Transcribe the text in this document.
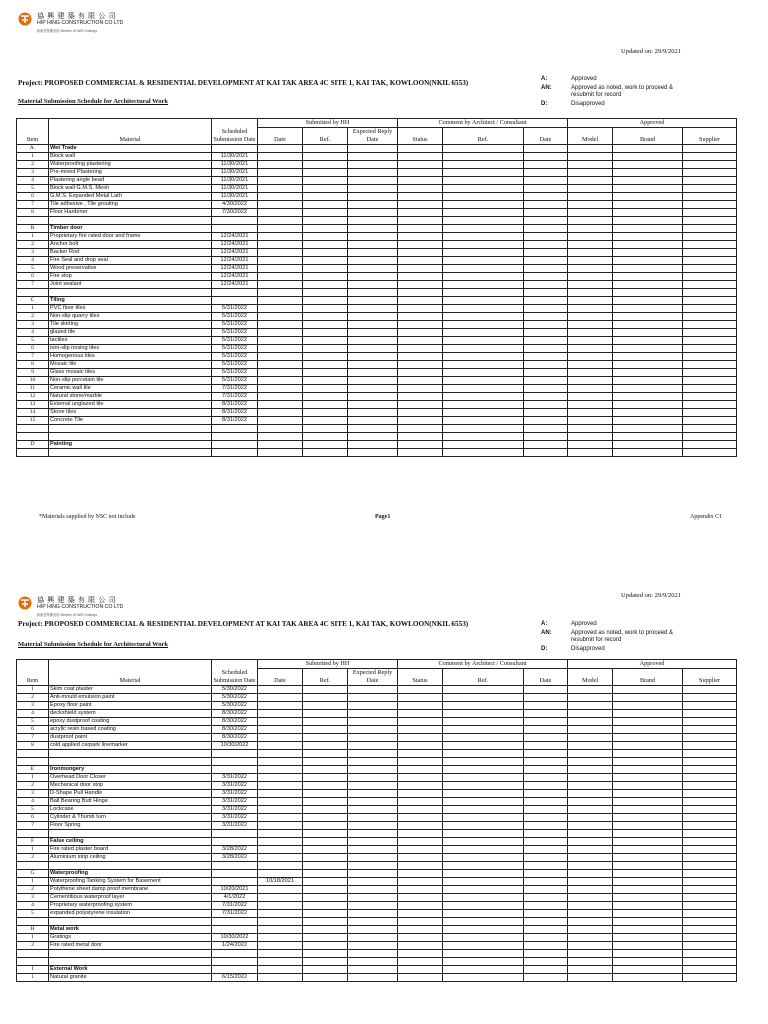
協 興 建 築 有 限 公 司
HIP HING CONSTRUCTION CO LTD
新創建集團成員 Member of NWS Holdings
Updated on: 29/9/2021
Project: PROPOSED COMMERCIAL & RESIDENTIAL DEVELOPMENT AT KAI TAK AREA 4C SITE 1, KAI TAK, KOWLOON(NKIL 6553)
Material Submission Schedule for Architectural Work
A:	Approved
AN:	Approved as noted, work to proceed & resubmit for record
D:	Disapproved
Item	Material	Scheduled Submission Date	Submitted by HH			Comment by Architect / Consultant			Approved		
			Date	Ref.	Expected Reply Date	Status	Ref.	Date	Model	Brand	Supplier

A.	Wet Trade										
1	Block wall	11/30/2021									
2	Waterproofing plastering	11/30/2021									
3	Pre-mixed Plastering	11/30/2021									
4	Plastering angle bead	11/30/2021									
5	Block wall G.M.S. Mesh	11/30/2021									
6	G.M.S. Expanded Metal Lath	11/30/2021									
7	Tile adhesive , Tile grouting	4/30/2022									
8	Floor Hardener	7/30/2022									

B	Timber door										
1	Proprietary fire rated door and frame	12/24/2021									
2	Anchor bolt	12/24/2021									
3	Backer Rod	12/24/2021									
4	Fire Seal and drop seal	12/24/2021									
5	Wood preservative	12/24/2021									
6	Fire stop	12/24/2021									
7	Joint sealant	12/24/2021									

C	Tiling										
1	PVC floor tiles	5/31/2022									
2	Non-slip quarry tiles	5/31/2022									
3	Tile skirting	5/31/2022									
4	glazed tile	5/31/2022									
5	tactiles	5/31/2022									
6	non-slip nosing tiles	5/31/2022									
7	Homogenous tiles	5/31/2022									
8	Mosaic tile	5/31/2022									
9	Glass mosaic tiles	5/31/2022									
10	Non-slip porcelain tile	5/31/2022									
11	Ceramic wall tile	7/31/2022									
12	Natural stone/marble	7/31/2022									
13	External unglazed tile	8/31/2022									
14	Stone tiles	8/31/2022									
15	Concrete Tile	8/31/2022									

D	Painting										

*Materials supplied by NSC not include	Page1	Appendix C1
協 興 建 築 有 限 公 司
HIP HING CONSTRUCTION CO LTD
新創建集團成員 Member of NWS Holdings
Updated on: 29/9/2021
Project: PROPOSED COMMERCIAL & RESIDENTIAL DEVELOPMENT AT KAI TAK AREA 4C SITE 1, KAI TAK, KOWLOON(NKIL 6553)
Material Submission Schedule for Architectural Work
A:	Approved
AN:	Approved as noted, work to proceed & resubmit for record
D:	Disapproved
Item	Material	Scheduled Submission Date	Submitted by HH			Comment by Architect / Consultant			Approved		
			Date	Ref.	Expected Reply Date	Status	Ref.	Date	Model	Brand	Supplier

1	Skim coat plaster	5/30/2022									
2	Anti-mould emulsion paint	5/30/2022									
3	Epoxy floor paint	5/30/2022									
4	deckshield system	8/30/2022									
5	epoxy dustproof coating	8/30/2022									
6	acrylic resin based coating	8/30/2022									
7	dustproof paint	8/30/2022									
8	cold applied carpark linemarker	10/30/2022									

E	Ironmongery										
1	Overhead Door Closer	3/31/2022									
2	Mechanical door stop	3/31/2022									
3	D-Shape Pull Handle	3/31/2022									
4	Ball Bearing Butt Hinge	3/31/2022									
5	Lockcase	3/31/2022									
6	Cylinder & Thumb turn	3/31/2022									
7	Floor Spring	3/31/2022									

F	False ceiling										
1	Fire rated plaster board	3/28/2022									
2	Aluminium strip ceiling	3/28/2022									

G	Waterproofing										
1	Waterproofing Tanking System for Basement		10/18/2021								
2	Polythene sheet damp proof membrane	10/20/2021									
3	Cementitious waterproof layer	4/1/2022									
4	Proprietary waterproofing system	7/31/2022									
5	expanded polystyrene insulation	7/31/2022									

H	Metal work										
1	Gratings	10/30/2022									
2	Fire rated metal door	1/24/2022									

I	External Work										
1	Natural granite	6/15/2022									
